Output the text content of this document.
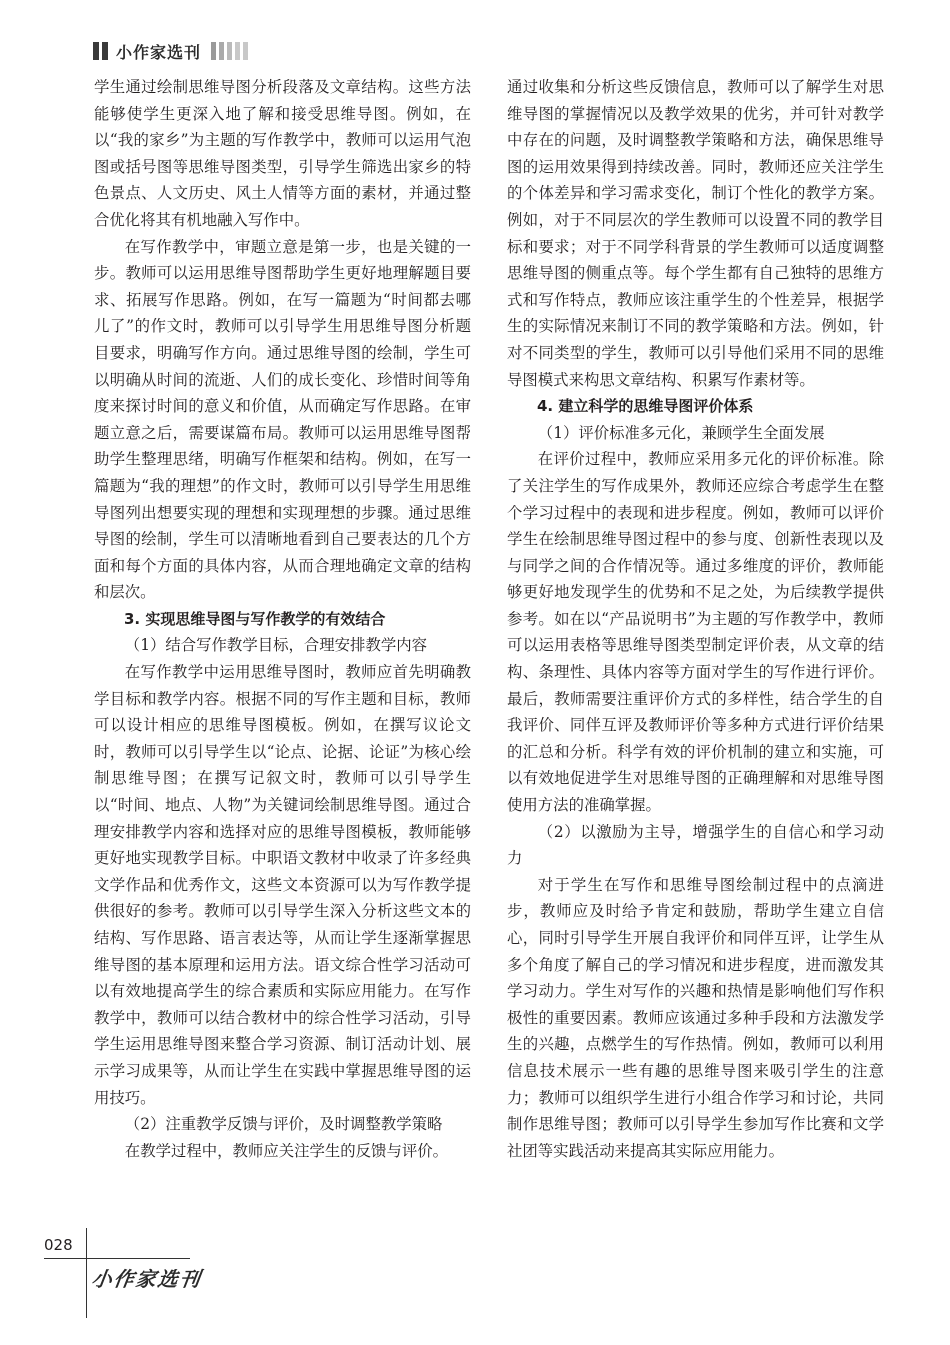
小作家选刊

学生通过绘制思维导图分析段落及文章结构。这些方法能够使学生更深入地了解和接受思维导图。例如，在以“我的家乡”为主题的写作教学中，教师可以运用气泡图或括号图等思维导图类型，引导学生筛选出家乡的特色景点、人文历史、风土人情等方面的素材，并通过整合优化将其有机地融入写作中。

在写作教学中，审题立意是第一步，也是关键的一步。教师可以运用思维导图帮助学生更好地理解题目要求、拓展写作思路。例如，在写一篇题为“时间都去哪儿了”的作文时，教师可以引导学生用思维导图分析题目要求，明确写作方向。通过思维导图的绘制，学生可以明确从时间的流逝、人们的成长变化、珍惜时间等角度来探讨时间的意义和价值，从而确定写作思路。在审题立意之后，需要谋篇布局。教师可以运用思维导图帮助学生整理思绪，明确写作框架和结构。例如，在写一篇题为“我的理想”的作文时，教师可以引导学生用思维导图列出想要实现的理想和实现理想的步骤。通过思维导图的绘制，学生可以清晰地看到自己要表达的几个方面和每个方面的具体内容，从而合理地确定文章的结构和层次。

3. 实现思维导图与写作教学的有效结合
（1）结合写作教学目标，合理安排教学内容

在写作教学中运用思维导图时，教师应首先明确教学目标和教学内容。根据不同的写作主题和目标，教师可以设计相应的思维导图模板。例如，在撰写议论文时，教师可以引导学生以“论点、论据、论证”为核心绘制思维导图；在撰写记叙文时，教师可以引导学生以“时间、地点、人物”为关键词绘制思维导图。通过合理安排教学内容和选择对应的思维导图模板，教师能够更好地实现教学目标。中职语文教材中收录了许多经典文学作品和优秀作文，这些文本资源可以为写作教学提供很好的参考。教师可以引导学生深入分析这些文本的结构、写作思路、语言表达等，从而让学生逐渐掌握思维导图的基本原理和运用方法。语文综合性学习活动可以有效地提高学生的综合素质和实际应用能力。在写作教学中，教师可以结合教材中的综合性学习活动，引导学生运用思维导图来整合学习资源、制订活动计划、展示学习成果等，从而让学生在实践中掌握思维导图的运用技巧。

（2）注重教学反馈与评价，及时调整教学策略

在教学过程中，教师应关注学生的反馈与评价。

通过收集和分析这些反馈信息，教师可以了解学生对思维导图的掌握情况以及教学效果的优劣，并可针对教学中存在的问题，及时调整教学策略和方法，确保思维导图的运用效果得到持续改善。同时，教师还应关注学生的个体差异和学习需求变化，制订个性化的教学方案。例如，对于不同层次的学生教师可以设置不同的教学目标和要求；对于不同学科背景的学生教师可以适度调整思维导图的侧重点等。每个学生都有自己独特的思维方式和写作特点，教师应该注重学生的个性差异，根据学生的实际情况来制订不同的教学策略和方法。例如，针对不同类型的学生，教师可以引导他们采用不同的思维导图模式来构思文章结构、积累写作素材等。

4. 建立科学的思维导图评价体系
（1）评价标准多元化，兼顾学生全面发展

在评价过程中，教师应采用多元化的评价标准。除了关注学生的写作成果外，教师还应综合考虑学生在整个学习过程中的表现和进步程度。例如，教师可以评价学生在绘制思维导图过程中的参与度、创新性表现以及与同学之间的合作情况等。通过多维度的评价，教师能够更好地发现学生的优势和不足之处，为后续教学提供参考。如在以“产品说明书”为主题的写作教学中，教师可以运用表格等思维导图类型制定评价表，从文章的结构、条理性、具体内容等方面对学生的写作进行评价。最后，教师需要注重评价方式的多样性，结合学生的自我评价、同伴互评及教师评价等多种方式进行评价结果的汇总和分析。科学有效的评价机制的建立和实施，可以有效地促进学生对思维导图的正确理解和对思维导图使用方法的准确掌握。

（2）以激励为主导，增强学生的自信心和学习动力

对于学生在写作和思维导图绘制过程中的点滴进步，教师应及时给予肯定和鼓励，帮助学生建立自信心，同时引导学生开展自我评价和同伴互评，让学生从多个角度了解自己的学习情况和进步程度，进而激发其学习动力。学生对写作的兴趣和热情是影响他们写作积极性的重要因素。教师应该通过多种手段和方法激发学生的兴趣，点燃学生的写作热情。例如，教师可以利用信息技术展示一些有趣的思维导图来吸引学生的注意力；教师可以组织学生进行小组合作学习和讨论，共同制作思维导图；教师可以引导学生参加写作比赛和文学社团等实践活动来提高其实际应用能力。

028
小作家选刊
